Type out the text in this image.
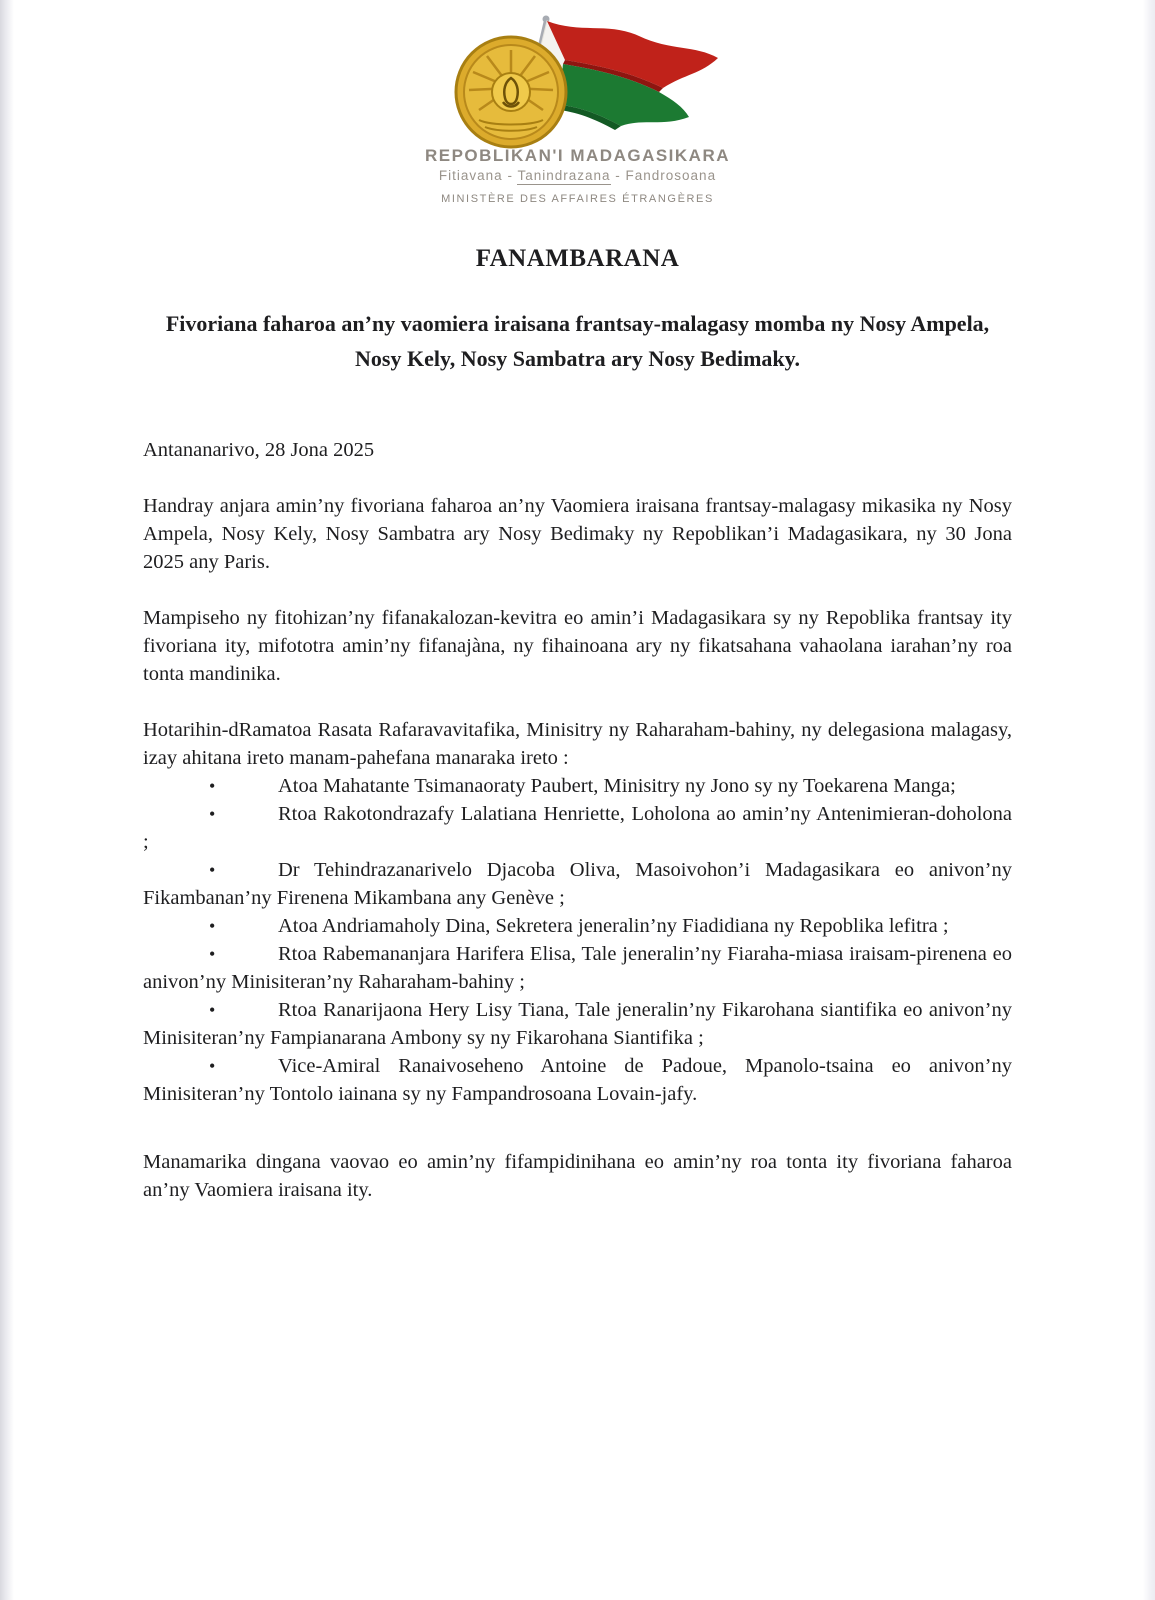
REPOBLIKAN'I MADAGASIKARA
Fitiavana - Tanindrazana - Fandrosoana
MINISTÈRE DES AFFAIRES ÉTRANGÈRES
FANAMBARANA
Fivoriana faharoa an’ny vaomiera iraisana frantsay-malagasy momba ny Nosy Ampela, Nosy Kely, Nosy Sambatra ary Nosy Bedimaky.

Antananarivo, 28 Jona 2025

Handray anjara amin’ny fivoriana faharoa an’ny Vaomiera iraisana frantsay-malagasy mikasika ny Nosy Ampela, Nosy Kely, Nosy Sambatra ary Nosy Bedimaky ny Repoblikan’i Madagasikara, ny 30 Jona 2025 any Paris.

Mampiseho ny fitohizan’ny fifanakalozan-kevitra eo amin’i Madagasikara sy ny Repoblika frantsay ity fivoriana ity, mifototra amin’ny fifanajàna, ny fihainoana ary ny fikatsahana vahaolana iarahan’ny roa tonta mandinika.

Hotarihin-dRamatoa Rasata Rafaravavitafika, Minisitry ny Raharaham-bahiny, ny delegasiona malagasy, izay ahitana ireto manam-pahefana manaraka ireto :

•	Atoa Mahatante Tsimanaoraty Paubert, Minisitry ny Jono sy ny Toekarena Manga;

•	Rtoa Rakotondrazafy Lalatiana Henriette, Loholona ao amin’ny Antenimieran-doholona ;

•	Dr Tehindrazanarivelo Djacoba Oliva, Masoivohon’i Madagasikara eo anivon’ny Fikambanan’ny Firenena Mikambana any Genève ;

•	Atoa Andriamaholy Dina, Sekretera jeneralin’ny Fiadidiana ny Repoblika lefitra ;

•	Rtoa Rabemananjara Harifera Elisa, Tale jeneralin’ny Fiaraha-miasa iraisam-pirenena eo anivon’ny Minisiteran’ny Raharaham-bahiny ;

•	Rtoa Ranarijaona Hery Lisy Tiana, Tale jeneralin’ny Fikarohana siantifika eo anivon’ny Minisiteran’ny Fampianarana Ambony sy ny Fikarohana Siantifika ;

•	Vice-Amiral Ranaivoseheno Antoine de Padoue, Mpanolo-tsaina eo anivon’ny Minisiteran’ny Tontolo iainana sy ny Fampandrosoana Lovain-jafy.

Manamarika dingana vaovao eo amin’ny fifampidinihana eo amin’ny roa tonta ity fivoriana faharoa an’ny Vaomiera iraisana ity.
